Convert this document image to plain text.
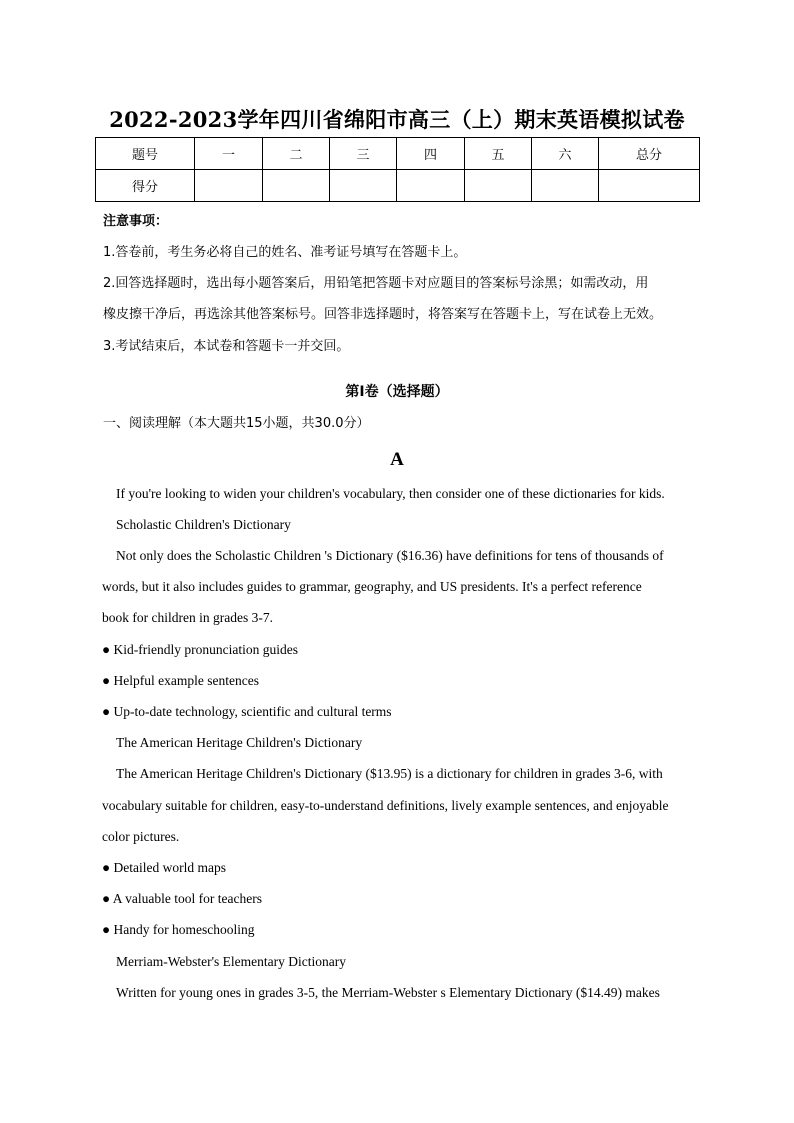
2022-2023学年四川省绵阳市高三（上）期末英语模拟试卷
题号	一	二	三	四	五	六	总分
得分							
注意事项：
1.答卷前，考生务必将自己的姓名、准考证号填写在答题卡上。
2.回答选择题时，选出每小题答案后，用铅笔把答题卡对应题目的答案标号涂黑；如需改动，用
橡皮擦干净后，再选涂其他答案标号。回答非选择题时，将答案写在答题卡上，写在试卷上无效。
3.考试结束后，本试卷和答题卡一并交回。
第I卷（选择题）
一、阅读理解（本大题共15小题，共30.0分）
A
If you're looking to widen your children's vocabulary, then consider one of these dictionaries for kids.
Scholastic Children's Dictionary
Not only does the Scholastic Children 's Dictionary ($16.36) have definitions for tens of thousands of
words, but it also includes guides to grammar, geography, and US presidents. It's a perfect reference
book for children in grades 3-7.
● Kid-friendly pronunciation guides
● Helpful example sentences
● Up-to-date technology, scientific and cultural terms
The American Heritage Children's Dictionary
The American Heritage Children's Dictionary ($13.95) is a dictionary for children in grades 3-6, with
vocabulary suitable for children, easy-to-understand definitions, lively example sentences, and enjoyable
color pictures.
● Detailed world maps
● A valuable tool for teachers
● Handy for homeschooling
Merriam-Webster's Elementary Dictionary
Written for young ones in grades 3-5, the Merriam-Webster s Elementary Dictionary ($14.49) makes
